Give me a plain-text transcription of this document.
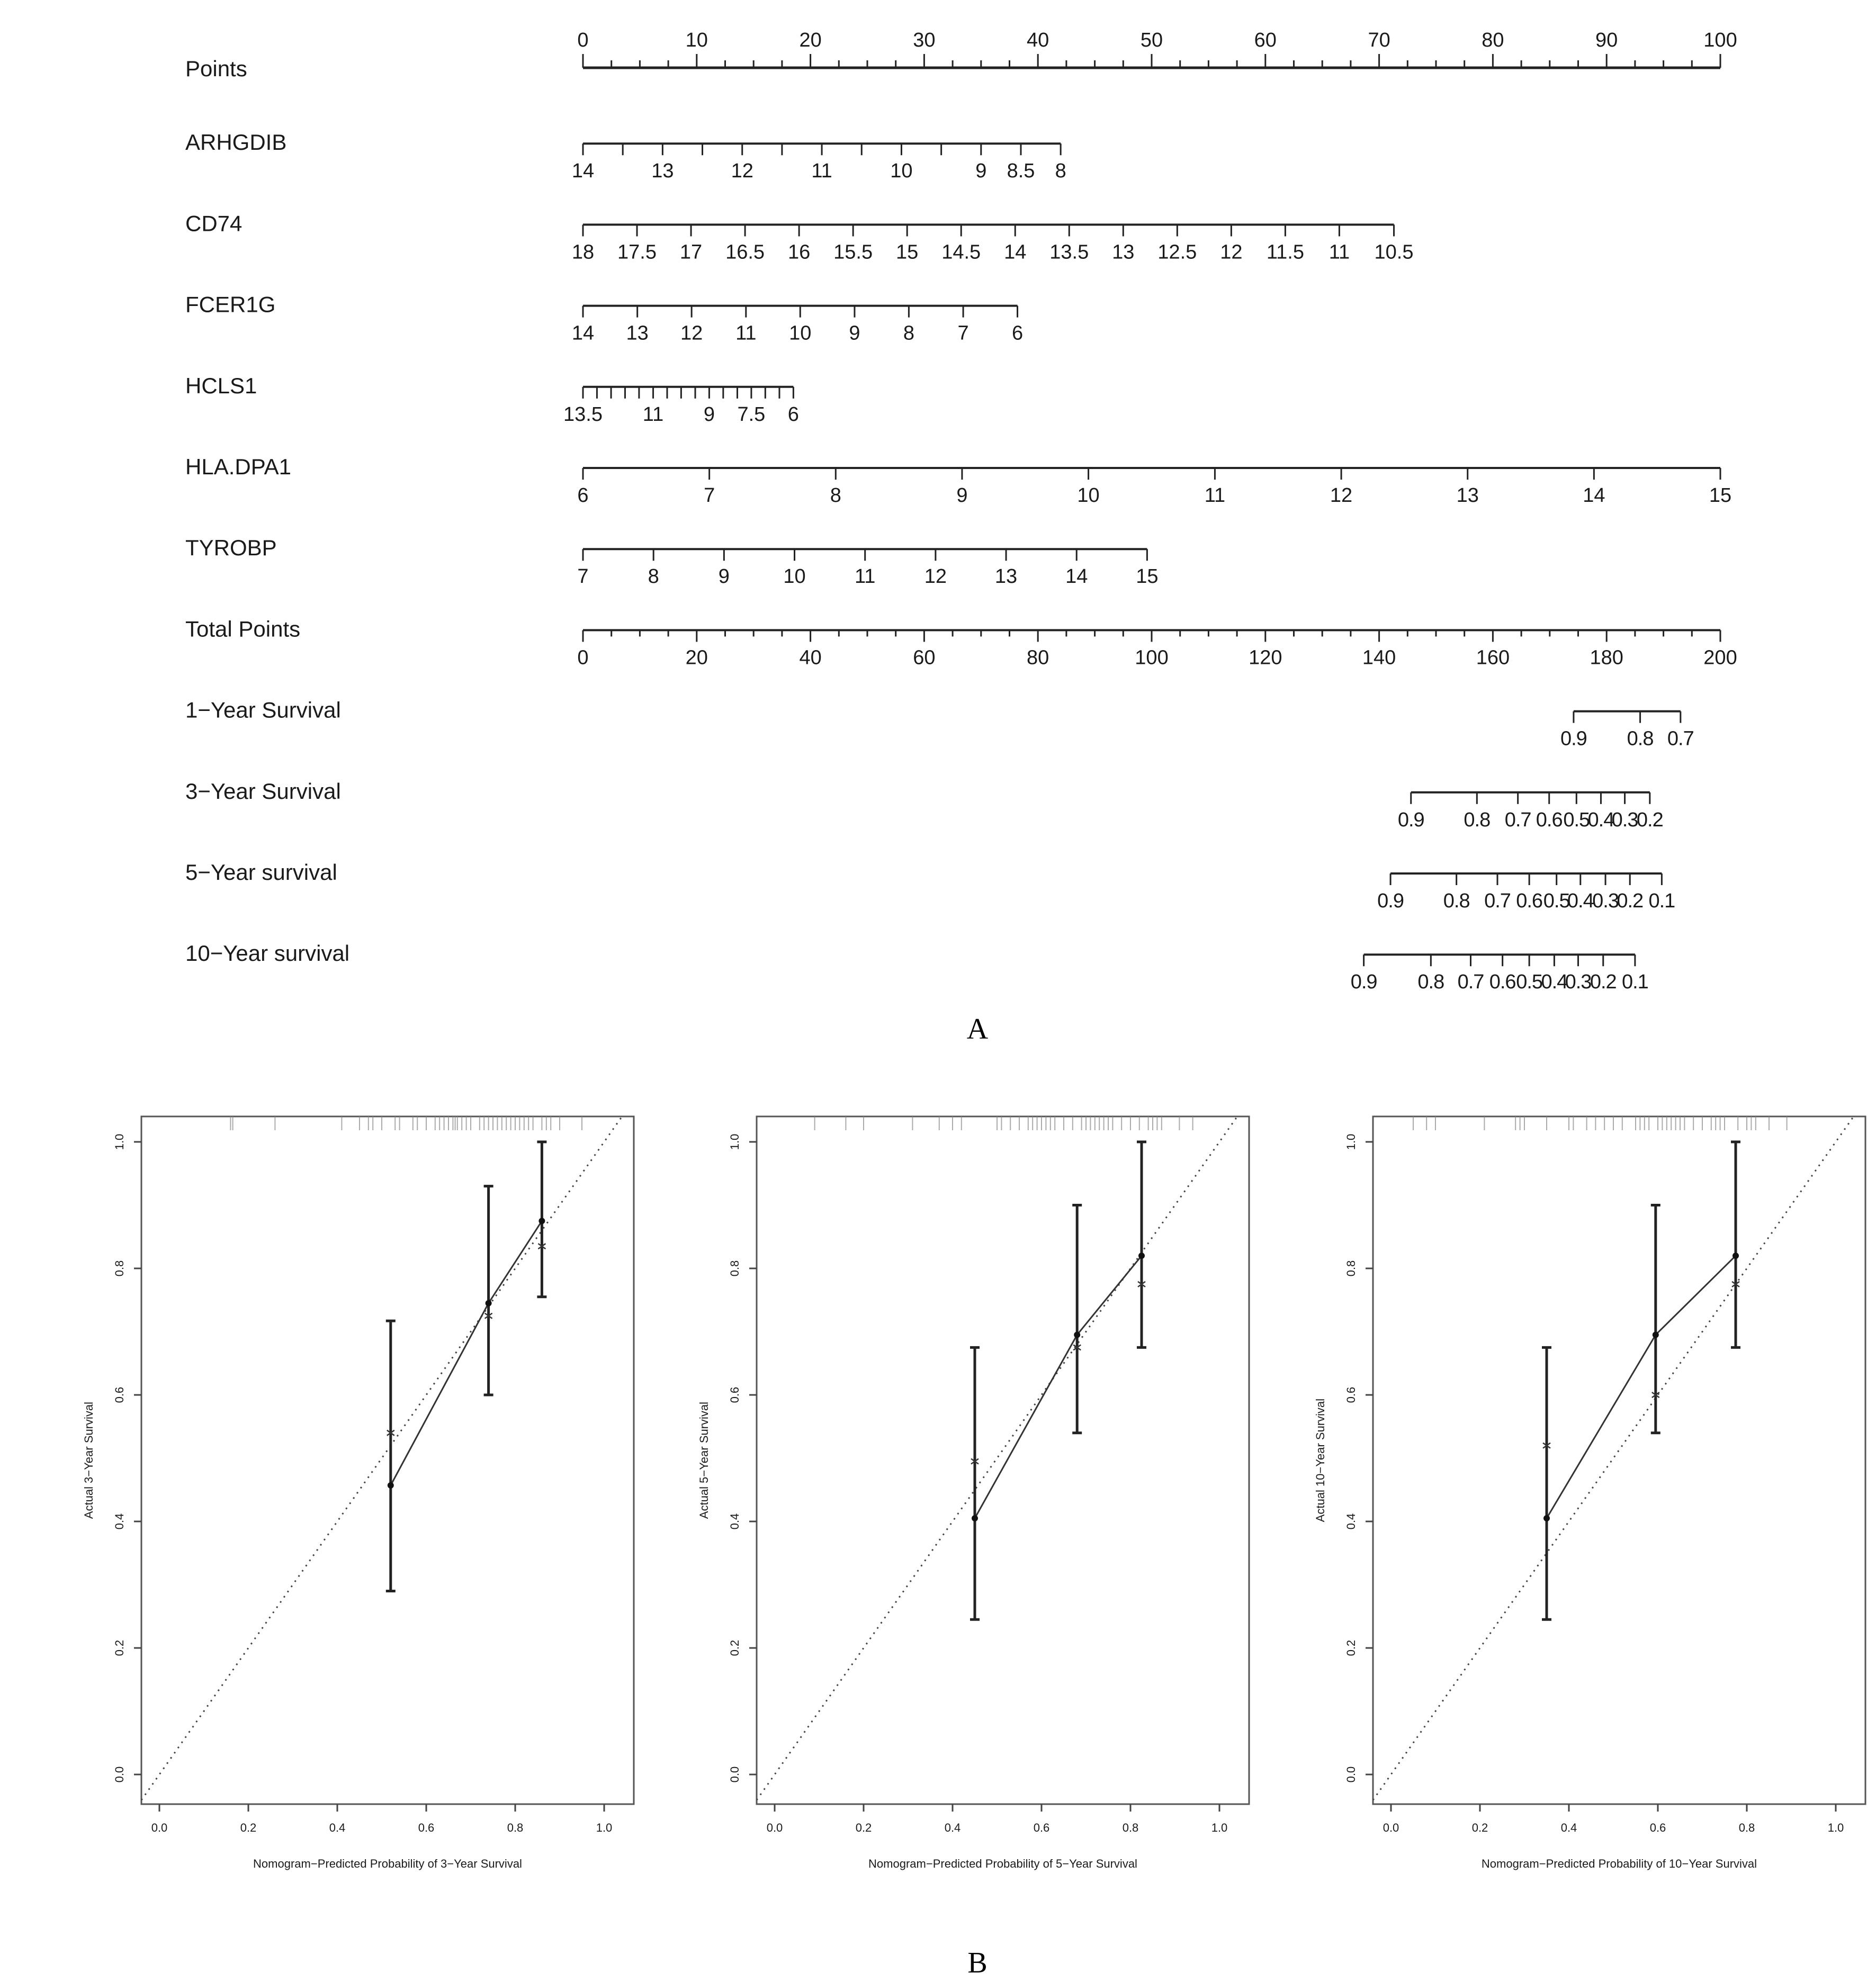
Points
0	10	20	30	40	50	60	70	80	90	100
ARHGDIB
14	13	12	11	10	9 8.5 8
CD74
18 17.5 17 16.5 16 15.5 15 14.5 14 13.5 13 12.5 12 11.5 11 10.5
FCER1G
14 13 12 11 10 9 8 7 6
HCLS1
13.5 11 9 7.5 6
HLA.DPA1
6	7	8	9	10	11	12	13	14	15
TYROBP
7	8	9	10 11 12 13 14 15
Total Points
0	20	40	60	80	100	120	140	160	180	200
1−Year Survival
0.9 0.8 0.7
3−Year Survival
0.9 0.8 0.7 0.6 0.5
0.4
0.3
0.2
5−Year survival
0.9 0.8 0.7 0.6 0.5
0.4
0.3
0.2 0.1
10−Year survival
0.9 0.8 0.7 0.6 0.5
0.4
0.3
0.2 0.1
0.0	0.2	0.4	0.6	0.8	1.0
0.0
0.2
0.4
0.6
0.8
1.0
Nomogram−Predicted Probability of 3−Year Survival
Actual 3−Year Survival
0.0	0.2	0.4	0.6	0.8	1.0
0.0
0.2
0.4
0.6
0.8
1.0
Nomogram−Predicted Probability of 5−Year Survival
Actual 5−Year Survival
0.0	0.2	0.4	0.6	0.8	1.0
0.0
0.2
0.4
0.6
0.8
1.0
Nomogram−Predicted Probability of 10−Year Survival
Actual 10−Year Survival
A
B
